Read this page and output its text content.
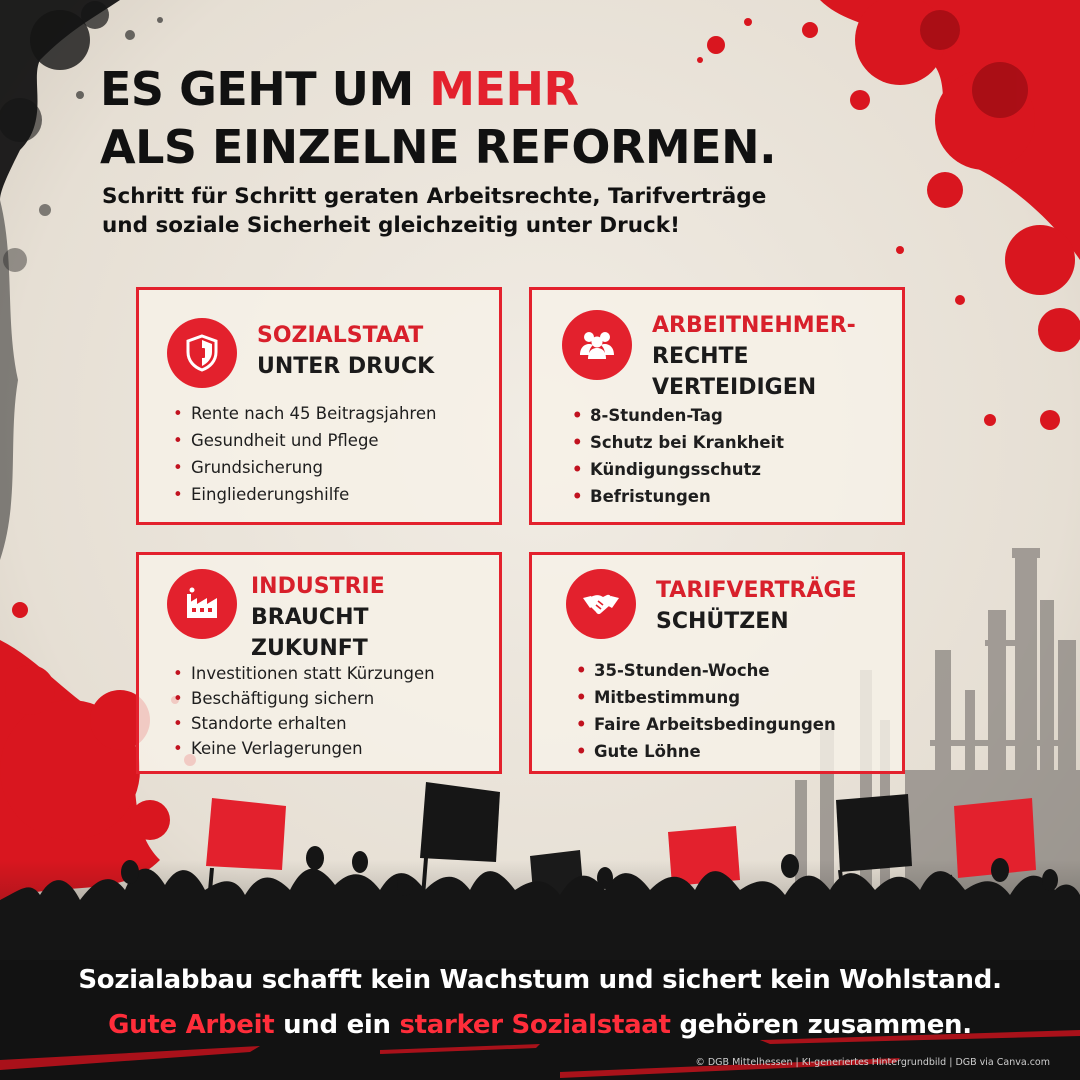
ES GEHT UM MEHR
ALS EINZELNE REFORMEN.

Schritt für Schritt geraten Arbeitsrechte, Tarifverträge
und soziale Sicherheit gleichzeitig unter Druck!

SOZIALSTAAT
UNTER DRUCK
• Rente nach 45 Beitragsjahren
• Gesundheit und Pflege
• Grundsicherung
• Eingliederungshilfe
ARBEITNEHMER-
RECHTE
VERTEIDIGEN
• 8-Stunden-Tag
• Schutz bei Krankheit
• Kündigungsschutz
• Befristungen
INDUSTRIE
BRAUCHT
ZUKUNFT
• Investitionen statt Kürzungen
• Beschäftigung sichern
• Standorte erhalten
• Keine Verlagerungen
TARIFVERTRÄGE
SCHÜTZEN
• 35-Stunden-Woche
• Mitbestimmung
• Faire Arbeitsbedingungen
• Gute Löhne

Sozialabbau schafft kein Wachstum und sichert kein Wohlstand.

Gute Arbeit und ein starker Sozialstaat gehören zusammen.

© DGB Mittelhessen | KI-generiertes Hintergrundbild | DGB via Canva.com
